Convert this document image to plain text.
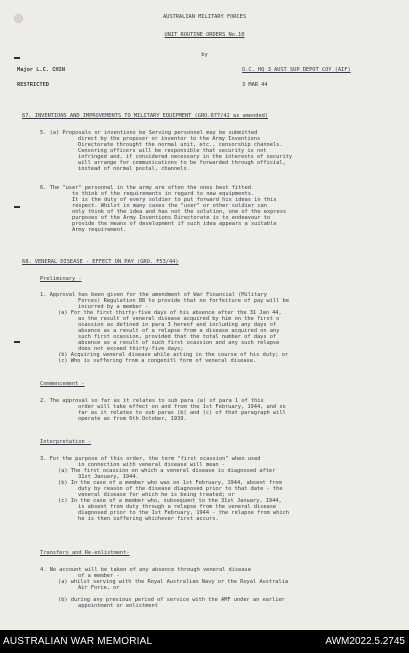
AUSTRALIAN MILITARY FORCES
UNIT ROUTINE ORDERS No.10
by
Major L.C. CHIN	O.C. HQ 3 AUST SUP DEPOT COY (AIF)
RESTRICTED	3 MAR 44
67. INVENTIONS AND IMPROVEMENTS TO MILITARY EQUIPMENT (GRO.077/42 as amended)
5. (a) Proposals or inventions be Serving personnel may be submitted
direct by the proposer or inventor to the Army Inventions
Directorate throught the normal unit, etc., censorship channels.
Censoring officers will be responsible that security is not
infringed and, if considered necessary in the interests of security
will arrange for communications to be forwarded through official,
instead of normal postal, channels.
6. The "user" personnel in the army are often the ones best fitted
to think of the requirements in regard to new equipments.
It is the duty of every soldier to put forward his ideas in this
respect. Whilst in many cases the "user" or other soldier can
only think of the idea and has not the solution, one of the express
purposes of the Army Inventions Directorate is to endeavour to
provide the means of development if such idea appears a suitable
Army requirement.
68. VENERAL DISEASE - EFFECT ON PAY (GRO. F53/44)
Preliminary -
1. Approval has been given for the amendment of War Financial (Military
Forces) Regulation 88 to provide that no forfeiture of pay will be
incurred by a member -
(a) For the first thirty-five days of his absence after the 31 Jan 44,
as the result of veneral disease acquired by him on the first o
ocassion as defined in para 3 hereof and including any days of
absence as a result of a relapse from a disease acquired on any
such first ocassion, provided that the total number of days of
absence as a result of such first ocassion and any such relapse
does not exceed thirty-five days;
(b) Acquiring veneral disease while acting in the course of his duty; or
(c) Who is suffering from a congenitl form of veneral disease.
Commencement -
2. The approval so far as it relates to sub para (a) of para 1 of this
order will take effect on and from the 1st February, 1944, and so
far as it relates to sub paras (b( and (c) of that paragraph will
operate as from 6th October, 1939.
Interpretation -
3. For the purpose of this order, the term "first ocassion" when used
in connection with veneral disease will mean -
(a) The first ocassion on which a veneral disease is diagnosed after
31st January, 1944.
(b) In the case of a member who was on 1st February, 1944, absent from
duty by reason of the disease diagnosed prior to that date - the
veneral disease for which he is being treated; or
(c) In the case of a member who, subsequent to the 31st January, 1944,
is absent from duty through a relapse from the veneral disease
diagnosed prior to the 1st February, 1944 - the relapse from which
he is then suffering whichever first accurs.
Transfers and Re-enlistment-
4. No account will be taken of any absence through veneral disease
of a member -
(a) whilst serving with the Royal Australian Navy or the Royal Australia
Air Force, or
(b) during any previous period of service with the AMF under an earlier
appointment or enlistment
AUSTRALIAN WAR MEMORIAL	AWM2022.5.2745
